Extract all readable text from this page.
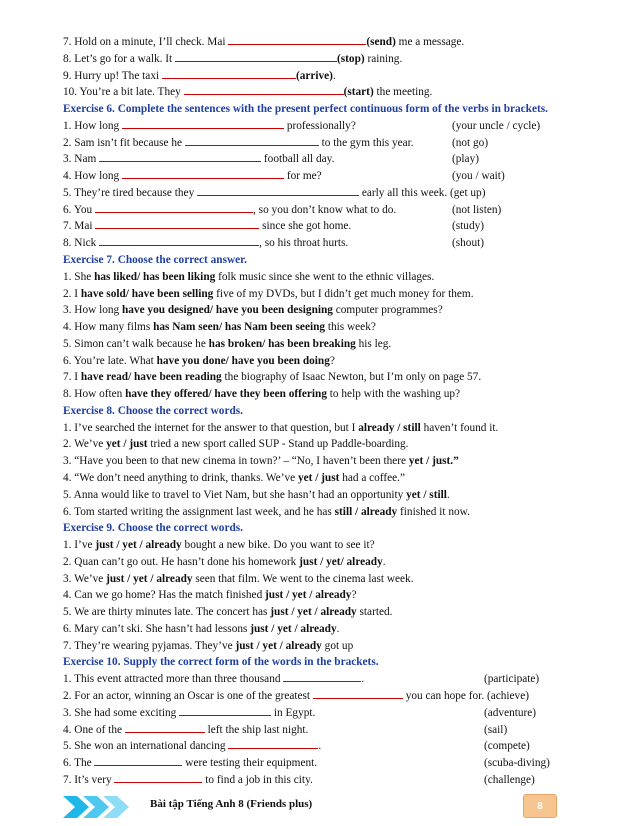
7. Hold on a minute, I’ll check. Mai	(send) me a message.
8. Let’s go for a walk. It	(stop) raining.
9. Hurry up! The taxi	(arrive).
10. You’re a bit late. They	(start) the meeting.
Exercise 6. Complete the sentences with the present perfect continuous form of the verbs in brackets.
1. How long	professionally?	(your uncle / cycle)
2. Sam isn’t fit because he	to the gym this year.	(not go)
3. Nam	football all day.	(play)
4. How long	for me?	(you / wait)
5. They’re tired because they	early all this week. (get up)
6. You	, so you don’t know what to do.	(not listen)
7. Mai	since she got home.	(study)
8. Nick	, so his throat hurts.	(shout)
Exercise 7. Choose the correct answer.
1. She has liked/ has been liking folk music since she went to the ethnic villages.
2. I have sold/ have been selling five of my DVDs, but I didn’t get much money for them.
3. How long have you designed/ have you been designing computer programmes?
4. How many films has Nam seen/ has Nam been seeing this week?
5. Simon can’t walk because he has broken/ has been breaking his leg.
6. You’re late. What have you done/ have you been doing?
7. I have read/ have been reading the biography of Isaac Newton, but I’m only on page 57.
8. How often have they offered/ have they been offering to help with the washing up?
Exercise 8. Choose the correct words.
1. I’ve searched the internet for the answer to that question, but I already / still haven’t found it.
2. We’ve yet / just tried a new sport called SUP - Stand up Paddle-boarding.
3. “Have you been to that new cinema in town?’ – “No, I haven’t been there yet / just.”
4. “We don’t need anything to drink, thanks. We’ve yet / just had a coffee.”
5. Anna would like to travel to Viet Nam, but she hasn’t had an opportunity yet / still.
6. Tom started writing the assignment last week, and he has still / already finished it now.
Exercise 9. Choose the correct words.
1. I’ve just / yet / already bought a new bike. Do you want to see it?
2. Quan can’t go out. He hasn’t done his homework just / yet/ already.
3. We’ve just / yet / already seen that film. We went to the cinema last week.
4. Can we go home? Has the match finished just / yet / already?
5. We are thirty minutes late. The concert has just / yet / already started.
6. Mary can’t ski. She hasn’t had lessons just / yet / already.
7. They’re wearing pyjamas. They’ve just / yet / already got up
Exercise 10. Supply the correct form of the words in the brackets.
1. This event attracted more than three thousand	.	(participate)
2. For an actor, winning an Oscar is one of the greatest	you can hope for. (achieve)
3. She had some exciting	in Egypt.	(adventure)
4. One of the	left the ship last night.	(sail)
5. She won an international dancing	.	(compete)
6. The	were testing their equipment.	(scuba-diving)
7. It’s very	to find a job in this city.	(challenge)
Bài tập Tiếng Anh 8 (Friends plus)	8
